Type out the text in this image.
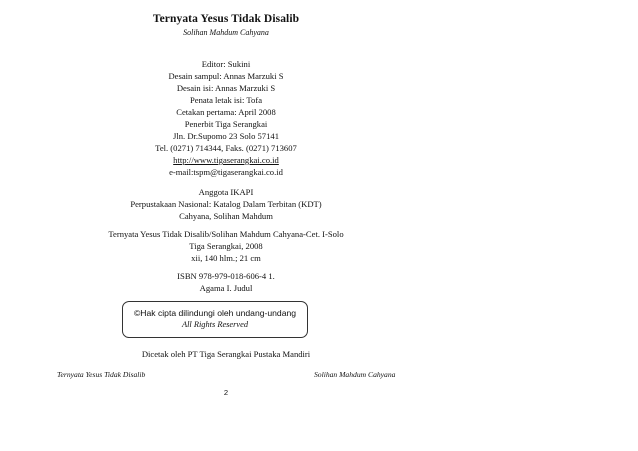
Ternyata Yesus Tidak Disalib
Solihan Mahdum Cahyana
Editor: Sukini
Desain sampul: Annas Marzuki S
Desain isi: Annas Marzuki S
Penata letak isi: Tofa
Cetakan pertama: April 2008
Penerbit Tiga Serangkai
Jln. Dr.Supomo 23 Solo 57141
Tel. (0271) 714344, Faks. (0271) 713607
http://www.tigaserangkai.co.id
e-mail:tspm@tigaserangkai.co.id
Anggota IKAPI
Perpustakaan Nasional: Katalog Dalam Terbitan (KDT)
Cahyana, Solihan Mahdum
Ternyata Yesus Tidak Disalib/Solihan Mahdum Cahyana-Cet. I-Solo
Tiga Serangkai, 2008
xii, 140 hlm.; 21 cm
ISBN 978-979-018-606-4 1.
Agama I. Judul
©Hak cipta dilindungi oleh undang-undang
All Rights Reserved
Dicetak oleh PT Tiga Serangkai Pustaka Mandiri
Ternyata Yesus Tidak Disalib	Solihan Mahdum Cahyana
2
